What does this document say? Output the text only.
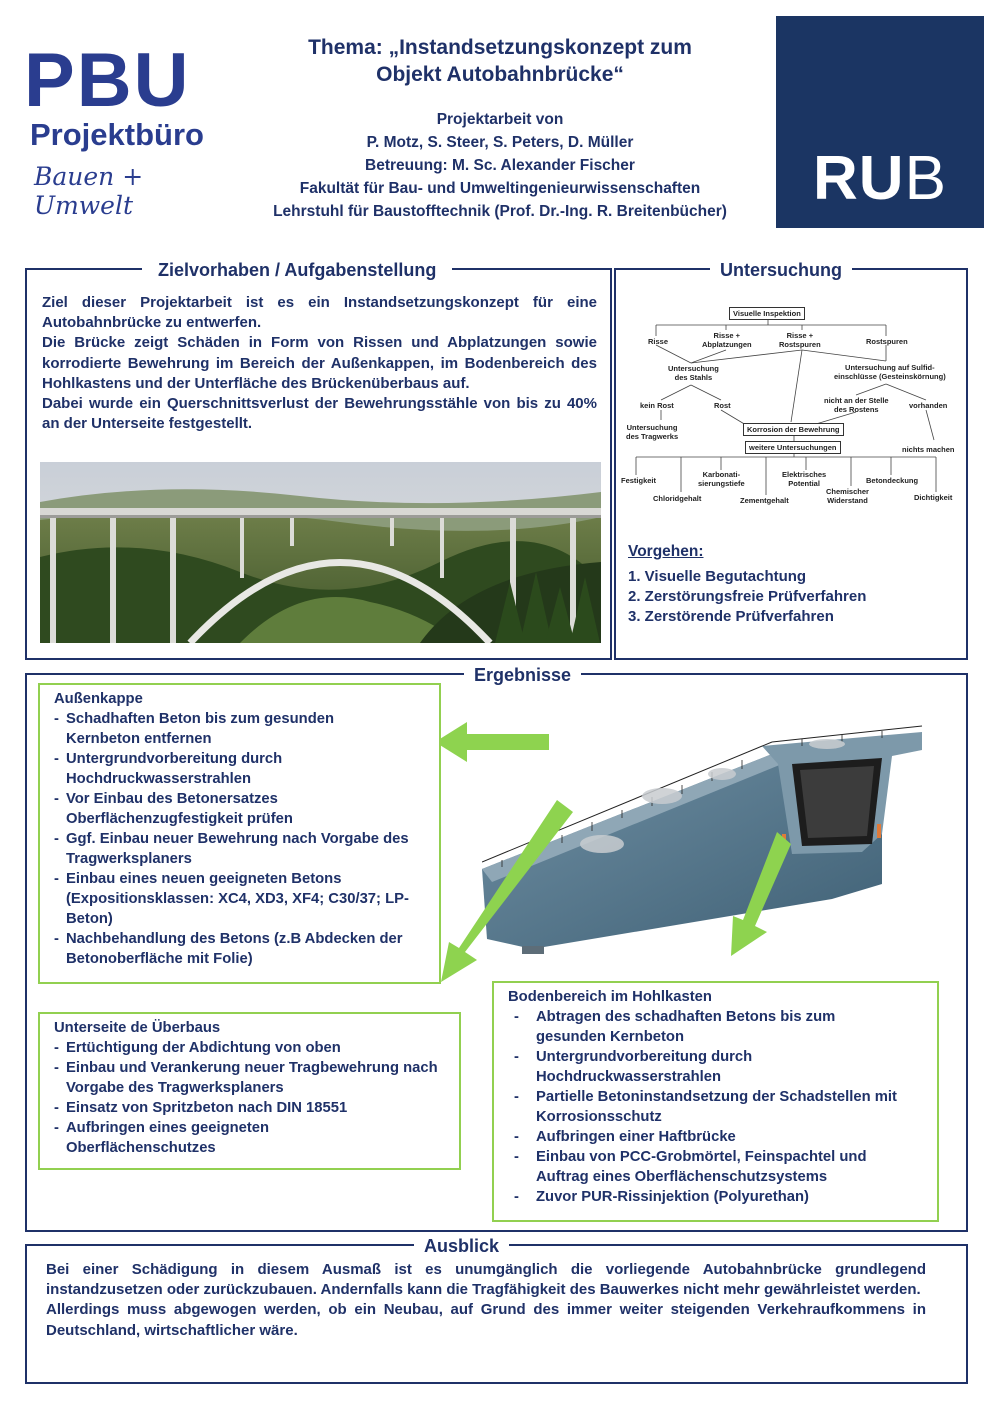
PBU
Projektbüro
Bauen + Umwelt
Thema: „Instandsetzungskonzept zum
Objekt Autobahnbrücke“
Projektarbeit von
P. Motz, S. Steer, S. Peters, D. Müller
Betreuung: M. Sc. Alexander Fischer
Fakultät für Bau- und Umweltingenieurwissenschaften
Lehrstuhl für Baustofftechnik (Prof. Dr.-Ing. R. Breitenbücher)	RUB
Zielvorhaben / Aufgabenstellung
Ziel dieser Projektarbeit ist es ein Instandsetzungskonzept für eine Autobahnbrücke zu entwerfen.
Die Brücke zeigt Schäden in Form von Rissen und Abplatzungen sowie korrodierte Bewehrung im Bereich der Außenkappen, im Bodenbereich des Hohlkastens und der Unterfläche des Brückenüberbaus auf.
Dabei wurde ein Querschnittsverlust der Bewehrungsstähle von bis zu 40% an der Unterseite festgestellt.
Untersuchung
Visuelle Inspektion
Risse
Risse +
Abplatzungen
Risse +
Rostspuren	Rostspuren
Untersuchung
des Stahls
Untersuchung auf Sulfid-
einschlüsse (Gesteinskörnung)
kein Rost	Rost
nicht an der Stelle
des Rostens	vorhanden
Untersuchung
des Tragwerks
Korrosion der Bewehrung
weitere Untersuchungen	nichts machen
Festigkeit
Chloridgehalt
Karbonati-
sierungstiefe
Zementgehalt
Elektrisches
Potential
Chemischer
Widerstand
Betondeckung
Dichtigkeit
Vorgehen:
1. Visuelle Begutachtung
2. Zerstörungsfreie Prüfverfahren
3. Zerstörende Prüfverfahren
Ergebnisse
Außenkappe
- Schadhaften Beton bis zum gesunden Kernbeton entfernen
- Untergrundvorbereitung durch Hochdruckwasserstrahlen
- Vor Einbau des Betonersatzes Oberflächenzugfestigkeit prüfen
- Ggf. Einbau neuer Bewehrung nach Vorgabe des Tragwerksplaners
- Einbau eines neuen geeigneten Betons (Expositionsklassen: XC4, XD3, XF4; C30/37; LP-Beton)
- Nachbehandlung des Betons (z.B Abdecken der Betonoberfläche mit Folie)
Unterseite de Überbaus
- Ertüchtigung der Abdichtung von oben
- Einbau und Verankerung neuer Tragbewehrung nach Vorgabe des Tragwerksplaners
- Einsatz von Spritzbeton nach DIN 18551
- Aufbringen eines geeigneten Oberflächenschutzes
Bodenbereich im Hohlkasten
- Abtragen des schadhaften Betons bis zum gesunden Kernbeton
- Untergrundvorbereitung durch Hochdruckwasserstrahlen
- Partielle Betoninstandsetzung der Schadstellen mit Korrosionsschutz
- Aufbringen einer Haftbrücke
- Einbau von PCC-Grobmörtel, Feinspachtel und Auftrag eines Oberflächenschutzsystems
- Zuvor PUR-Rissinjektion (Polyurethan)
Ausblick
Bei einer Schädigung in diesem Ausmaß ist es unumgänglich die vorliegende Autobahnbrücke grundlegend instandzusetzen oder zurückzubauen. Andernfalls kann die Tragfähigkeit des Bauwerkes nicht mehr gewährleistet werden.
Allerdings muss abgewogen werden, ob ein Neubau, auf Grund des immer weiter steigenden Verkehraufkommens in Deutschland, wirtschaftlicher wäre.
